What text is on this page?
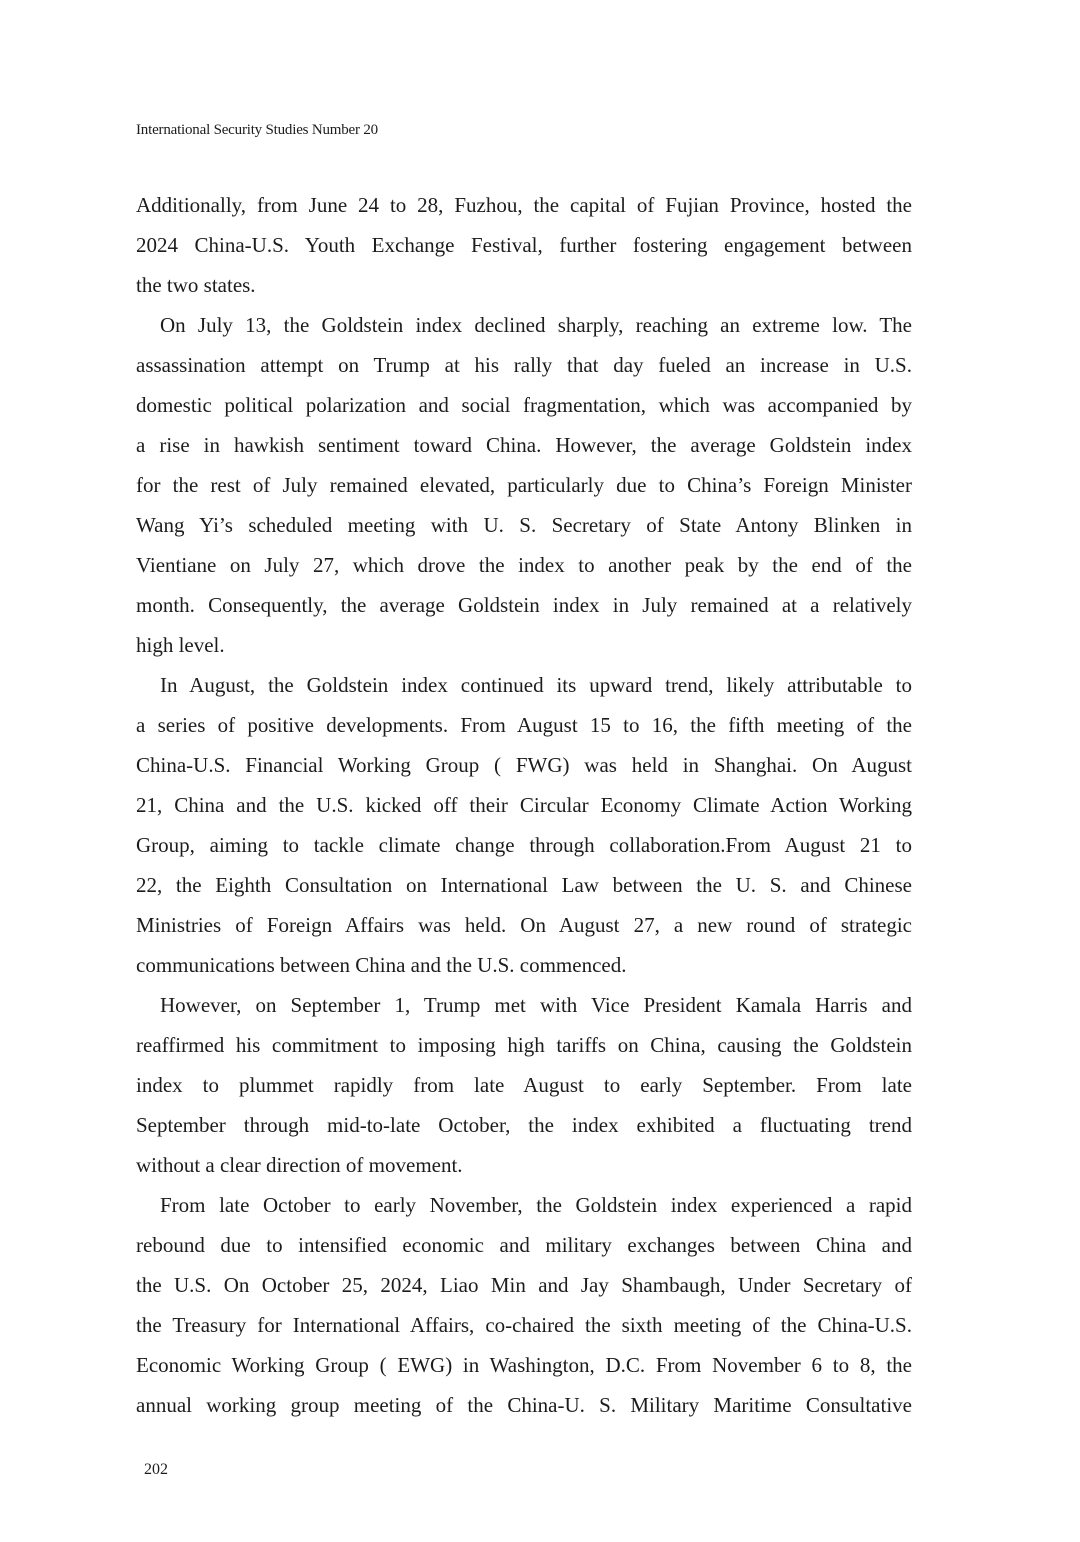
International Security Studies Number 20
Additionally, from June 24 to 28, Fuzhou, the capital of Fujian Province, hosted the
2024 China-U.S. Youth Exchange Festival, further fostering engagement between
the two states.
On July 13, the Goldstein index declined sharply, reaching an extreme low. The
assassination attempt on Trump at his rally that day fueled an increase in U.S.
domestic political polarization and social fragmentation, which was accompanied by
a rise in hawkish sentiment toward China. However, the average Goldstein index
for the rest of July remained elevated, particularly due to China’s Foreign Minister
Wang Yi’s scheduled meeting with U. S. Secretary of State Antony Blinken in
Vientiane on July 27, which drove the index to another peak by the end of the
month. Consequently, the average Goldstein index in July remained at a relatively
high level.
In August, the Goldstein index continued its upward trend, likely attributable to
a series of positive developments. From August 15 to 16, the fifth meeting of the
China-U.S. Financial Working Group ( FWG) was held in Shanghai. On August
21, China and the U.S. kicked off their Circular Economy Climate Action Working
Group, aiming to tackle climate change through collaboration.From August 21 to
22, the Eighth Consultation on International Law between the U. S. and Chinese
Ministries of Foreign Affairs was held. On August 27, a new round of strategic
communications between China and the U.S. commenced.
However, on September 1, Trump met with Vice President Kamala Harris and
reaffirmed his commitment to imposing high tariffs on China, causing the Goldstein
index to plummet rapidly from late August to early September. From late
September through mid-to-late October, the index exhibited a fluctuating trend
without a clear direction of movement.
From late October to early November, the Goldstein index experienced a rapid
rebound due to intensified economic and military exchanges between China and
the U.S. On October 25, 2024, Liao Min and Jay Shambaugh, Under Secretary of
the Treasury for International Affairs, co-chaired the sixth meeting of the China-U.S.
Economic Working Group ( EWG) in Washington, D.C. From November 6 to 8, the
annual working group meeting of the China-U. S. Military Maritime Consultative
202
